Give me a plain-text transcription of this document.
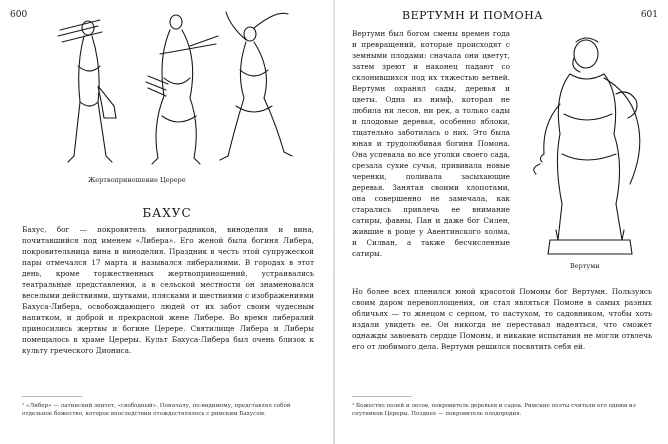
600
Жертвоприношение Церере
БАХУС
Бахус, бог — покровитель виноградников, виноделия и вина, почитавшийся под именем «Либера». Его женой была богиня Либера, покровительница вина и виноделия. Праздник в честь этой супружеской пары отмечался 17 марта и назывался либералиями. В городах в этот день, кроме торжественных жертвоприношений, устраивались театральные представления, а в сельской местности он знаменовался веселыми действиями, шутками, плясками и шествиями с изображениями Бахуса-Либера, освобождающего людей от их забот своим чудесным напитком, и доброй и прекрасной жене Либере. Во время либералий приносились жертвы и богине Церере. Святилище Либера и Либеры помещалось в храме Цереры. Культ Бахуса-Либера был очень близок к культу греческого Диониса.
¹ «Либер» — латинский эпитет, «свободный». Поначалу, по-видимому, представлял собой отдельное божество, которое впоследствии отождествлялось с римским Бахусом.
ВЕРТУМН И ПОМОНА	601
Вертумн был богом смены времен года и превращений, которые происходят с земными плодами: сначала они цветут, затем зреют и наконец падают со склонившихся под их тяжестью ветвей. Вертумн охранял сады, деревья и цветы. Одна из нимф, которая не любила ни лесов, ни рек, а только сады и плодовые деревья, особенно яблоки, тщательно заботилась о них. Это была юная и трудолюбивая богиня Помона. Она успевала во все уголки своего сада, срезала сухие сучья, прививала новые черенки, поливала засыхающие деревья. Занятая своими хлопотами, она совершенно не замечала, как старались привлечь ее внимание сатиры, фавны, Пан и даже бог Силен, жившие в роще у Авентинского холма, и Силван, а также бесчисленные сатиры.
Вертумн
Но более всех пленился юной красотой Помоны бог Вертумн. Пользуясь своим даром перевоплощения, он стал являться Помоне в самых разных обличьях — то жнецом с серпом, то пастухом, то садовником, чтобы хоть издали увидеть ее. Он никогда не переставал надеяться, что сможет однажды завоевать сердце Помоны, и никакие испытания не могли отвлечь его от любимого дела. Вертумн решился посвятить себя ей.
¹ Божество полей и лесов, покровитель деревьев и садов. Римские поэты считали его одним из спутников Цереры. Позднее — покровитель плодородия.
